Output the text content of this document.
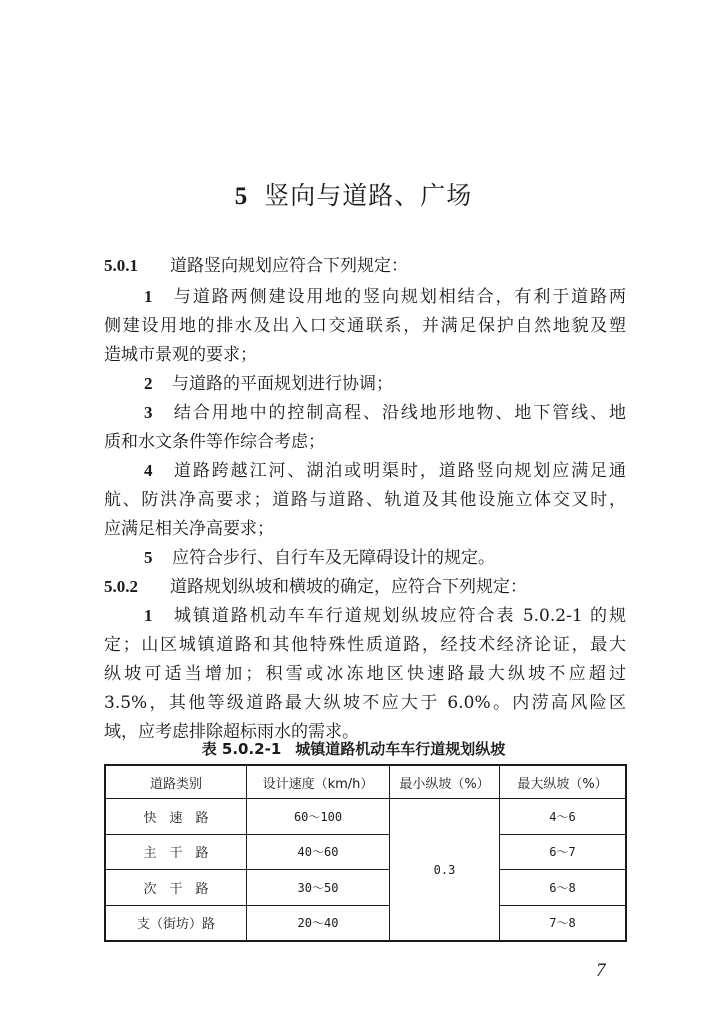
5 竖向与道路、广场
5.0.1 道路竖向规划应符合下列规定：
1 与道路两侧建设用地的竖向规划相结合，有利于道路两
侧建设用地的排水及出入口交通联系，并满足保护自然地貌及塑
造城市景观的要求；
2 与道路的平面规划进行协调；
3 结合用地中的控制高程、沿线地形地物、地下管线、地
质和水文条件等作综合考虑；
4 道路跨越江河、湖泊或明渠时，道路竖向规划应满足通
航、防洪净高要求；道路与道路、轨道及其他设施立体交叉时，
应满足相关净高要求；
5 应符合步行、自行车及无障碍设计的规定。
5.0.2 道路规划纵坡和横坡的确定，应符合下列规定：
1 城镇道路机动车车行道规划纵坡应符合表 5.0.2-1 的规
定；山区城镇道路和其他特殊性质道路，经技术经济论证，最大
纵坡可适当增加；积雪或冰冻地区快速路最大纵坡不应超过
3.5%，其他等级道路最大纵坡不应大于 6.0%。内涝高风险区
域，应考虑排除超标雨水的需求。
表 5.0.2-1 城镇道路机动车车行道规划纵坡
道路类别	设计速度（km/h）	最小纵坡（%）	最大纵坡（%）
快　速　路	60～100	0.3	4～6
主　干　路	40～60		6～7
次　干　路	30～50		6～8
支（街坊）路	20～40		7～8
7
